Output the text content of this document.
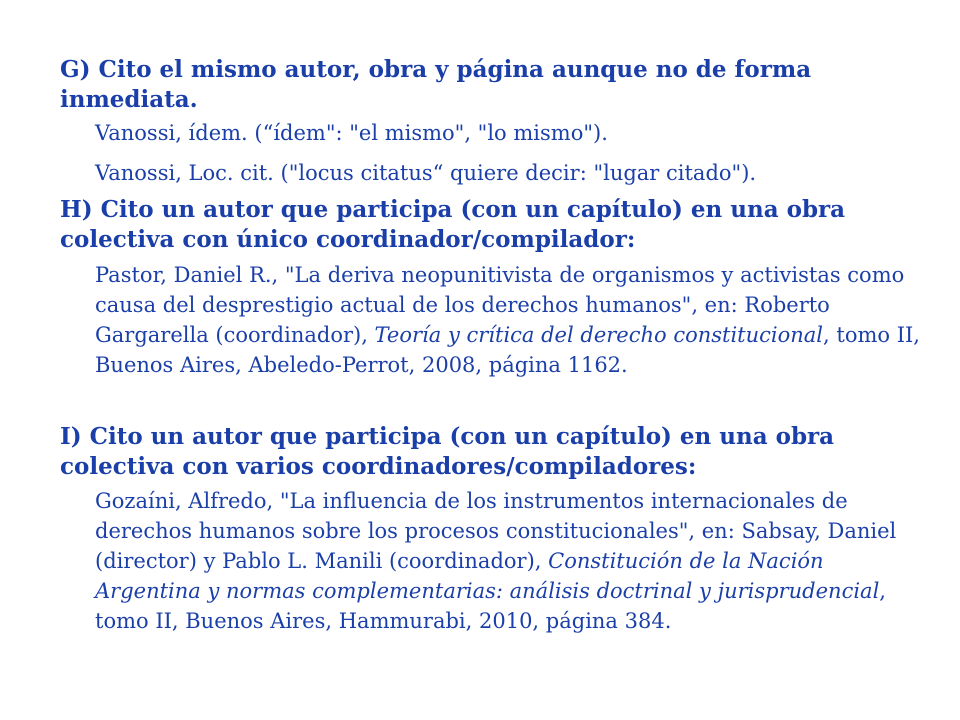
G) Cito el mismo autor, obra y página aunque no de forma inmediata.

Vanossi, ídem. (“ídem": "el mismo", "lo mismo").

Vanossi, Loc. cit. ("locus citatus“ quiere decir: "lugar citado").

H) Cito un autor que participa (con un capítulo) en una obra colectiva con único coordinador/compilador:

Pastor, Daniel R., "La deriva neopunitivista de organismos y activistas como causa del desprestigio actual de los derechos humanos", en: Roberto Gargarella (coordinador), Teoría y crítica del derecho constitucional, tomo II, Buenos Aires, Abeledo-Perrot, 2008, página 1162.

I) Cito un autor que participa (con un capítulo) en una obra colectiva con varios coordinadores/compiladores:

Gozaíni, Alfredo, "La influencia de los instrumentos internacionales de derechos humanos sobre los procesos constitucionales", en: Sabsay, Daniel (director) y Pablo L. Manili (coordinador), Constitución de la Nación Argentina y normas complementarias: análisis doctrinal y jurisprudencial, tomo II, Buenos Aires, Hammurabi, 2010, página 384.
